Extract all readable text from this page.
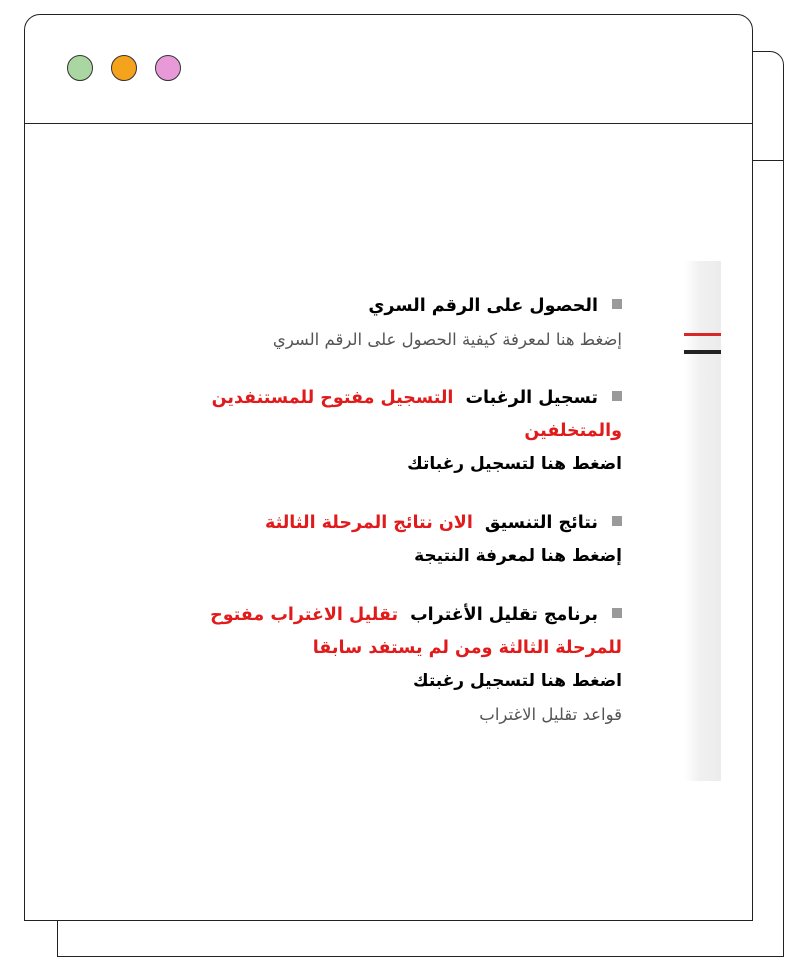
الحصول على الرقم السري
إضغط هنا لمعرفة كيفية الحصول على الرقم السري
تسجيل الرغباتالتسجيل مفتوح للمستنفدين والمتخلفين
اضغط هنا لتسجيل رغباتك
نتائج التنسيقالان نتائج المرحلة الثالثة
إضغط هنا لمعرفة النتيجة
برنامج تقليل الأغترابتقليل الاغتراب مفتوح للمرحلة الثالثة ومن لم يستفد سابقا
اضغط هنا لتسجيل رغبتك
قواعد تقليل الاغتراب
